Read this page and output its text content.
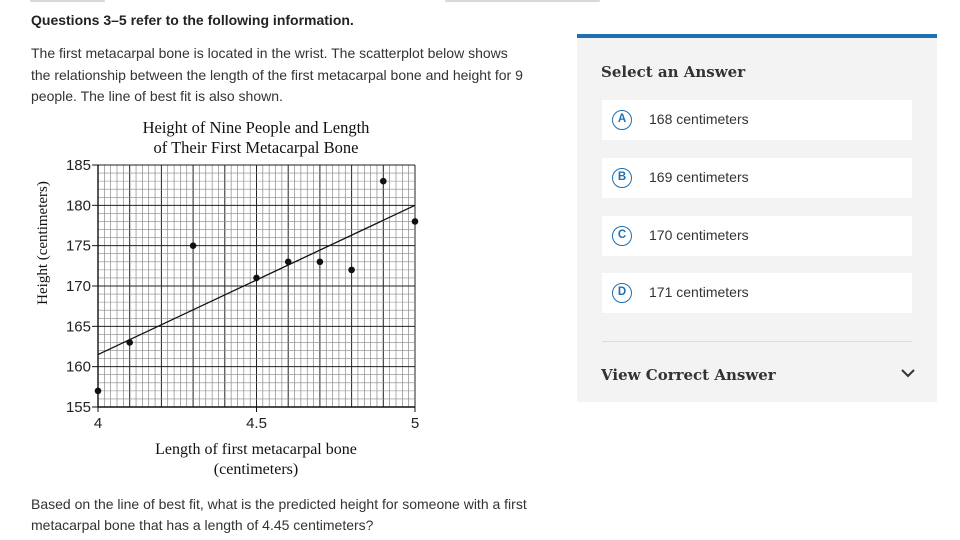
Questions 3–5 refer to the following information.
The first metacarpal bone is located in the wrist. The scatterplot below shows the relationship between the length of the first metacarpal bone and height for 9 people. The line of best fit is also shown.
Height of Nine People and Length
of Their First Metacarpal Bone
155
160
165
170
175
180
185
4	4.5	5
Height (centimeters)
Length of first metacarpal bone
(centimeters)
Based on the line of best fit, what is the predicted height for someone with a first metacarpal bone that has a length of 4.45 centimeters?
Select an Answer
A	168 centimeters
B	169 centimeters
C	170 centimeters
D	171 centimeters
View Correct Answer
